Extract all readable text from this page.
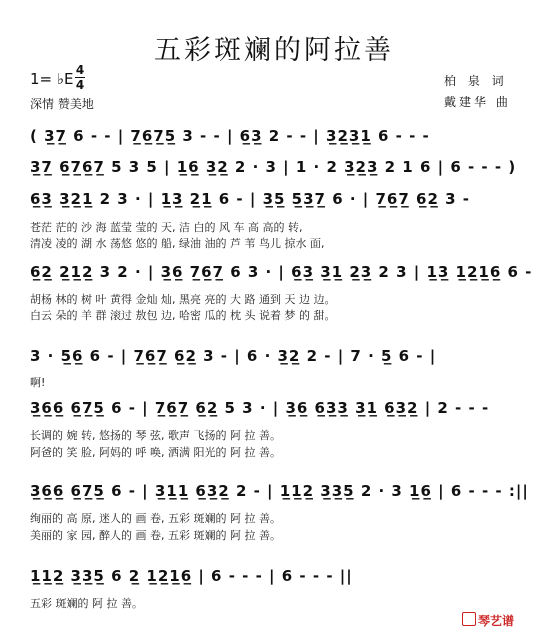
五彩斑斓的阿拉善
1= ♭E 4
4
深情 赞美地
柏 泉 词
戴建华 曲
( 3̲7̲ 6 - - | 7̲6̲7̲5̲ 3 - - | 6̲3̲ 2 - - | 3̲2̲3̲1̲ 6 - - -
3̲7̲ 6̲7̲6̲7̲ 5 3 5 | 1̲6̲ 3̲2̲ 2 · 3 | 1 · 2 3̲2̲3̲ 2 1 6 | 6 - - - )
6̲3̲ 3̲2̲1̲ 2 3 · | 1̲3̲ 2̲1̲ 6 - | 3̲5̲ 5̲3̲7̲ 6 · | 7̲6̲7̲ 6̲2̲ 3 -
苍茫 茫的 沙 海 蓝莹 莹的 天, 洁 白的 风 车 高 高的 转,
清凌 凌的 湖 水 荡悠 悠的 船, 绿油 油的 芦 苇 鸟儿 掠水 面,
6̲2̲ 2̲1̲2̲ 3 2 · | 3̲6̲ 7̲6̲7̲ 6 3 · | 6̲3̲ 3̲1̲ 2̲3̲ 2 3 | 1̲3̲ 1̲2̲1̲6̲ 6 -
胡杨 林的 树 叶 黄得 金灿 灿, 黑亮 亮的 大 路 通到 天 边 边。
白云 朵的 羊 群 滚过 敖包 边, 哈密 瓜的 枕 头 说着 梦 的 甜。
3 · 5̲6̲ 6 - | 7̲6̲7̲ 6̲2̲ 3 - | 6 · 3̲2̲ 2 - | 7 · 5̲ 6 - |
啊!
3̲6̲6̲ 6̲7̲5̲ 6 - | 7̲6̲7̲ 6̲2̲ 5 3 · | 3̲6̲ 6̲3̲3̲ 3̲1̲ 6̲3̲2̲ | 2 - - -
长调的 婉 转, 悠扬的 琴 弦, 歌声 飞扬的 阿 拉 善。
阿爸的 笑 脸, 阿妈的 呼 唤, 洒满 阳光的 阿 拉 善。
3̲6̲6̲ 6̲7̲5̲ 6 - | 3̲1̲1̲ 6̲3̲2̲ 2 - | 1̲1̲2̲ 3̲3̲5̲ 2 · 3 1̲6̲ | 6 - - - :||
绚丽的 高 原, 迷人的 画 卷, 五彩 斑斓的 阿 拉 善。
美丽的 家 园, 醉人的 画 卷, 五彩 斑斓的 阿 拉 善。
1̲1̲2̲ 3̲3̲5̲ 6 2̲ 1̲2̲1̲6̲ | 6 - - - | 6 - - - ||
五彩 斑斓的 阿 拉 善。
琴艺谱
